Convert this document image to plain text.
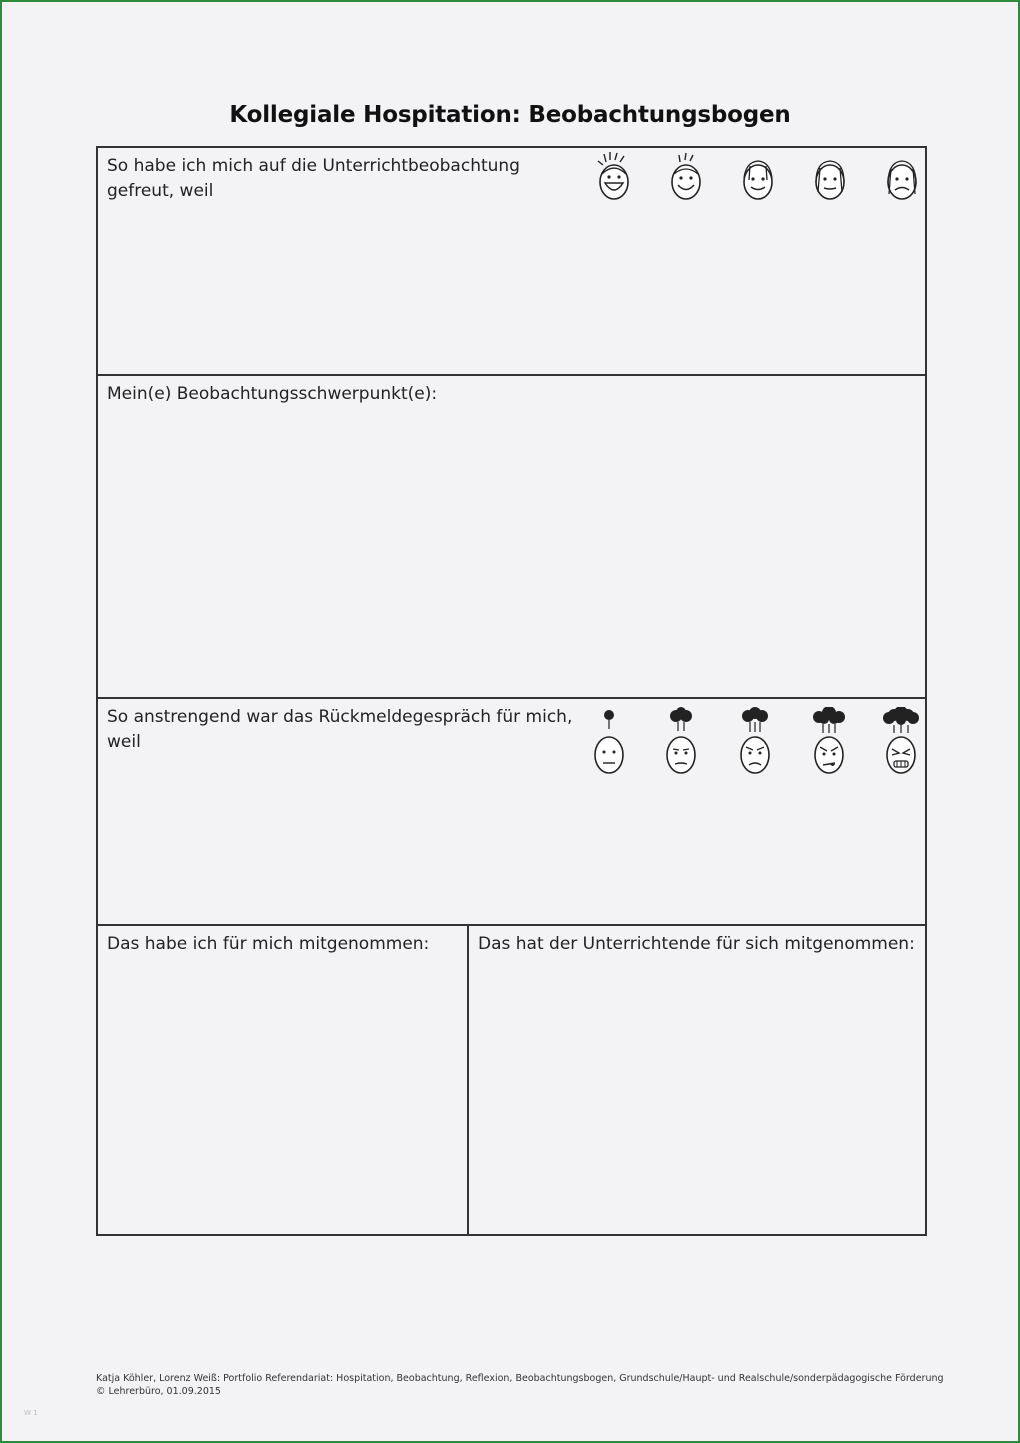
Kollegiale Hospitation: Beobachtungsbogen
So habe ich mich auf die Unterrichtbeobachtung gefreut, weil
Mein(e) Beobachtungsschwerpunkt(e):
So anstrengend war das Rückmeldegespräch für mich, weil
Das habe ich für mich mitgenommen:	Das hat der Unterrichtende für sich mitgenommen:
Katja Köhler, Lorenz Weiß: Portfolio Referendariat: Hospitation, Beobachtung, Reflexion, Beobachtungsbogen, Grundschule/Haupt- und Realschule/sonderpädagogische Förderung
© Lehrerbüro, 01.09.2015
W 1
